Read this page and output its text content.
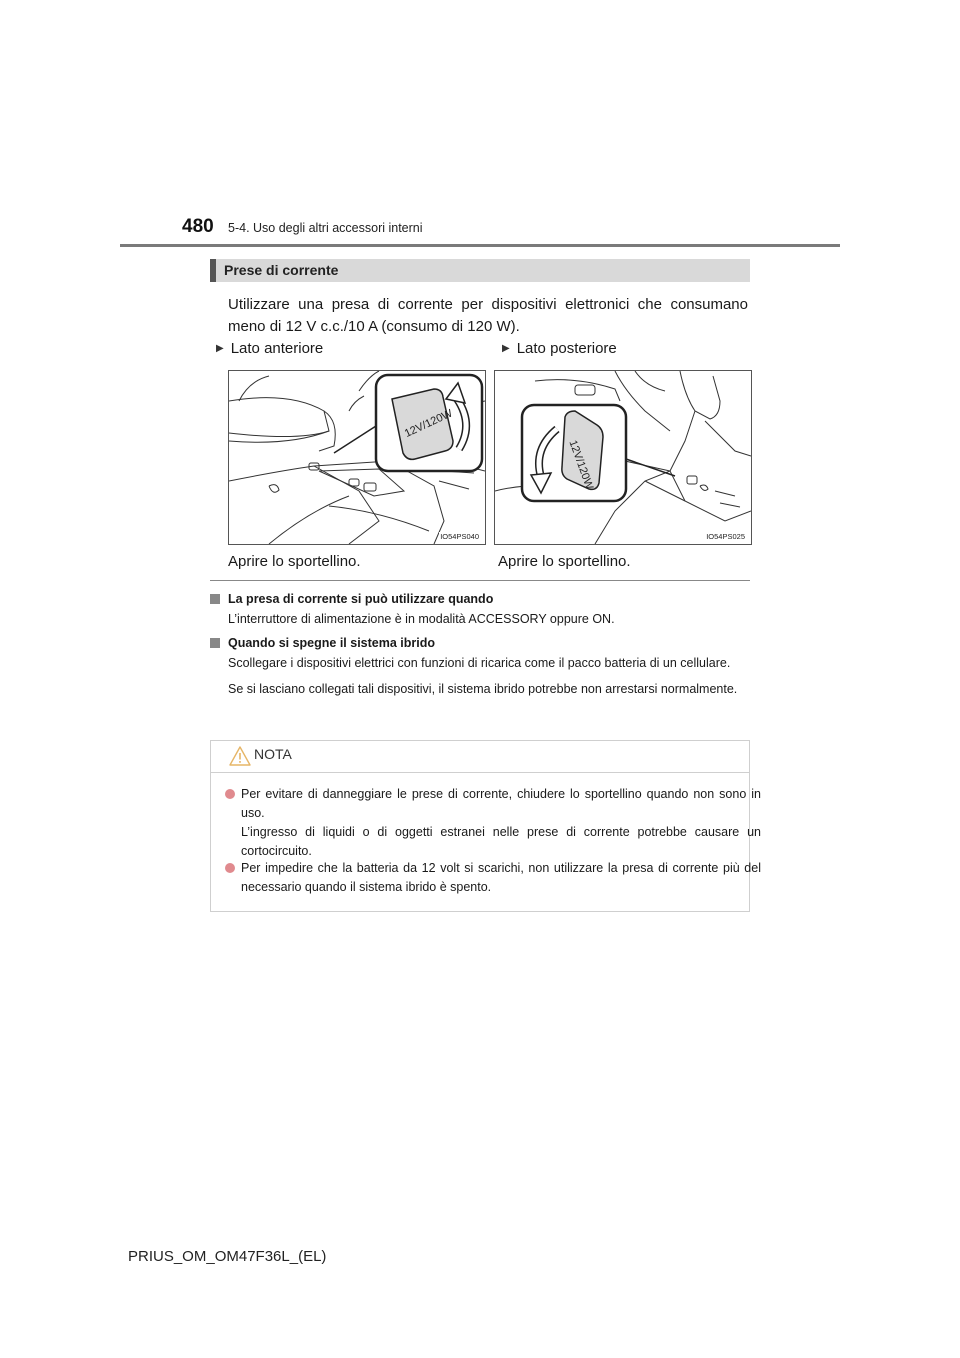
480 5-4. Uso degli altri accessori interni
Prese di corrente
Utilizzare una presa di corrente per dispositivi elettronici che consumano meno di 12 V c.c./10 A (consumo di 120 W).
▶ Lato anteriore	▶ Lato posteriore
12V/120W
IO54PS040
12V/120W
IO54PS025
Aprire lo sportellino.	Aprire lo sportellino.
La presa di corrente si può utilizzare quando

L’interruttore di alimentazione è in modalità ACCESSORY oppure ON.

Quando si spegne il sistema ibrido

Scollegare i dispositivi elettrici con funzioni di ricarica come il pacco batteria di un cellulare.

Se si lasciano collegati tali dispositivi, il sistema ibrido potrebbe non arrestarsi normalmente.

NOTA
Per evitare di danneggiare le prese di corrente, chiudere lo sportellino quando non sono in uso.
L’ingresso di liquidi o di oggetti estranei nelle prese di corrente potrebbe causare un cortocircuito.
Per impedire che la batteria da 12 volt si scarichi, non utilizzare la presa di corrente più del necessario quando il sistema ibrido è spento.
PRIUS_OM_OM47F36L_(EL)
